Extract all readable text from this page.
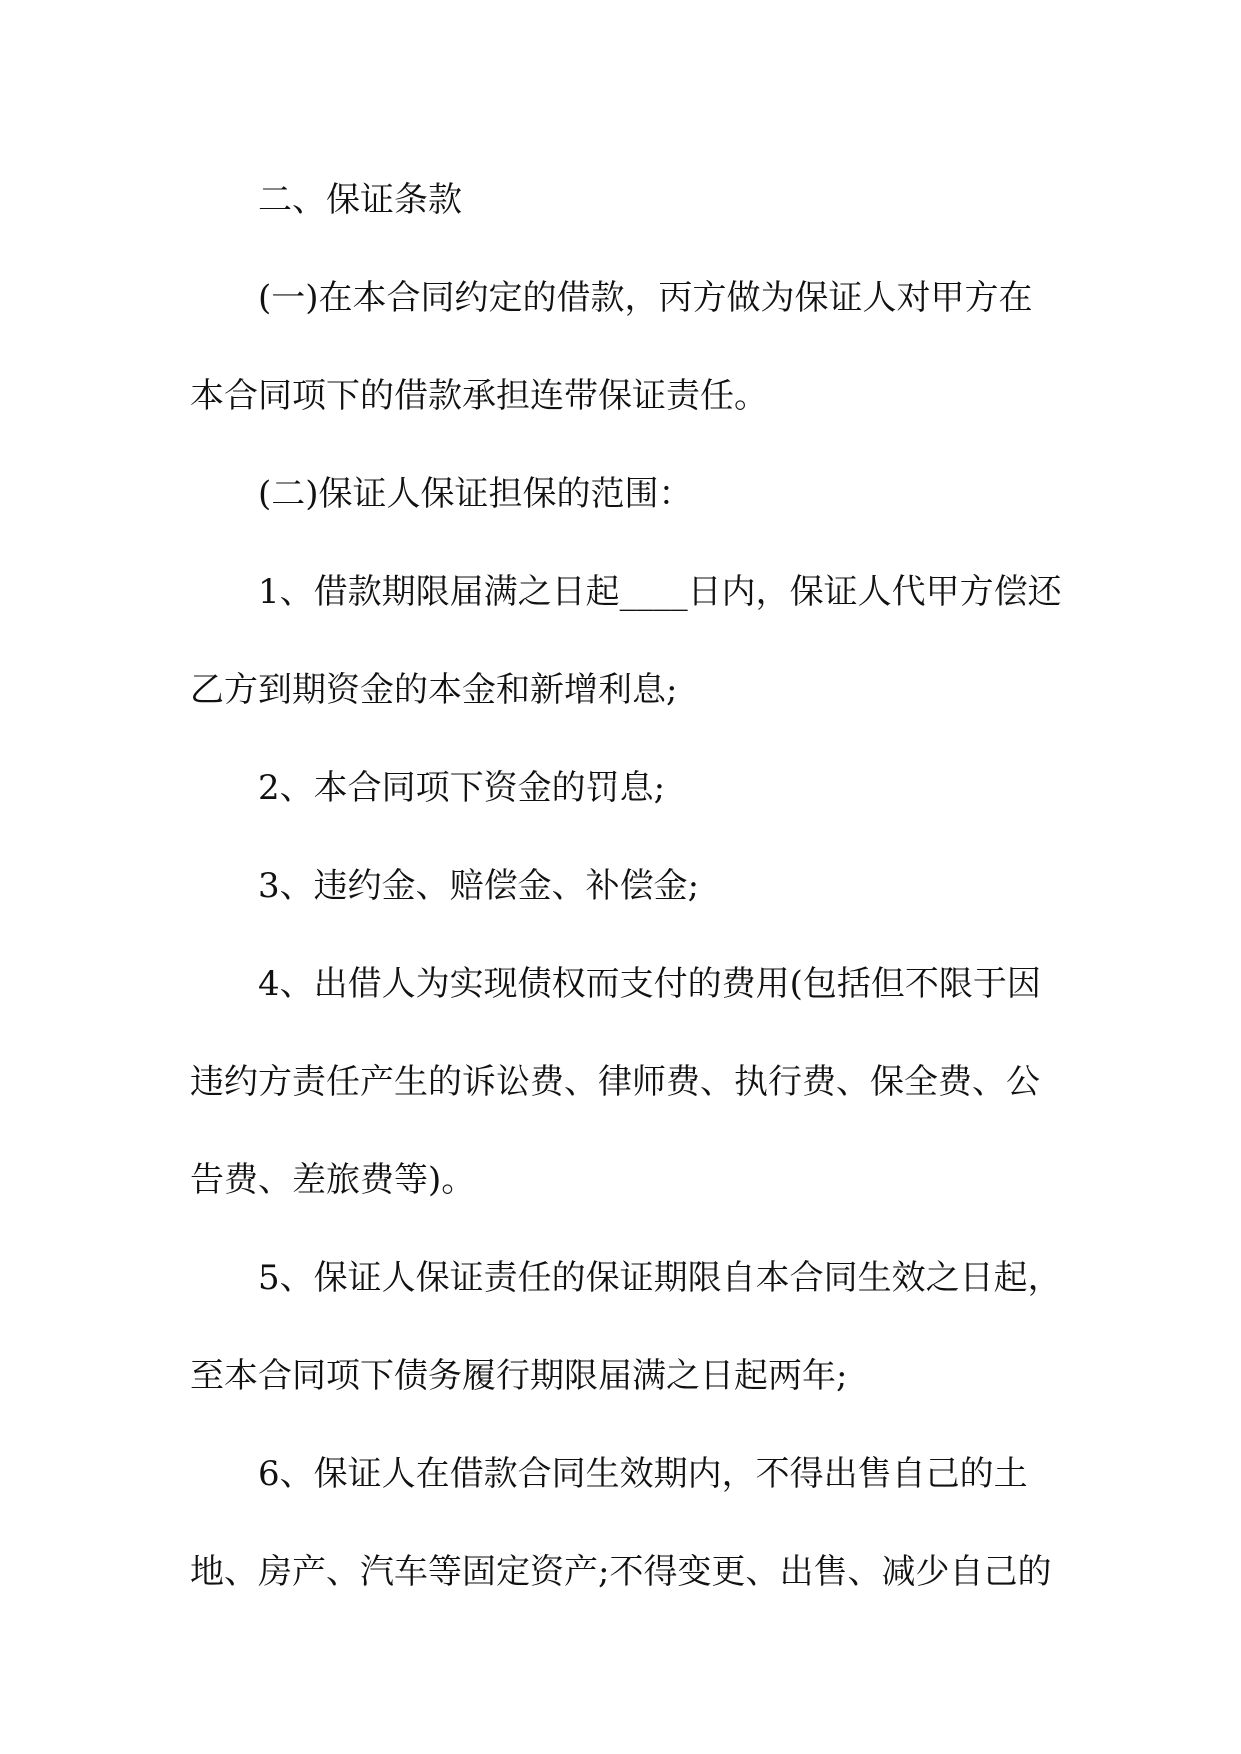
二、保证条款
(一)在本合同约定的借款，丙方做为保证人对甲方在
本合同项下的借款承担连带保证责任。
(二)保证人保证担保的范围：
1、借款期限届满之日起____日内，保证人代甲方偿还
乙方到期资金的本金和新增利息;
2、本合同项下资金的罚息;
3、违约金、赔偿金、补偿金;
4、出借人为实现债权而支付的费用(包括但不限于因
违约方责任产生的诉讼费、律师费、执行费、保全费、公
告费、差旅费等)。
5、保证人保证责任的保证期限自本合同生效之日起，
至本合同项下债务履行期限届满之日起两年;
6、保证人在借款合同生效期内，不得出售自己的土
地、房产、汽车等固定资产;不得变更、出售、减少自己的
